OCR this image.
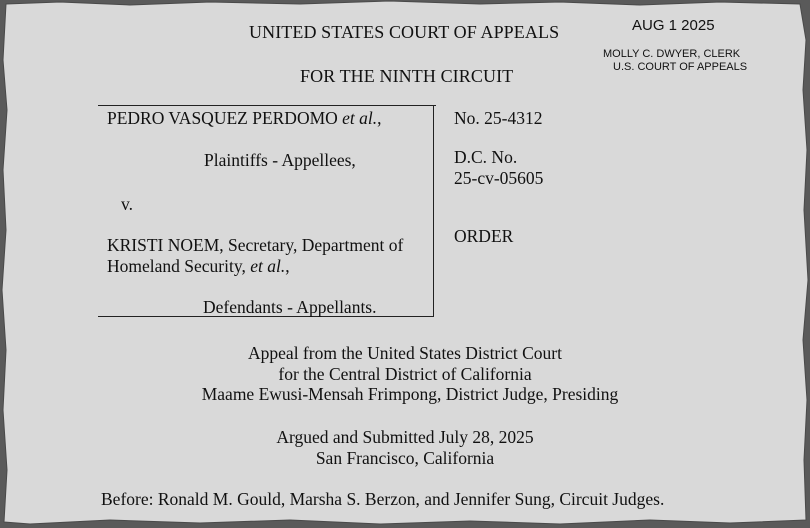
UNITED STATES COURT OF APPEALS
FOR THE NINTH CIRCUIT
AUG 1 2025
MOLLY C. DWYER, CLERK
U.S. COURT OF APPEALS
PEDRO VASQUEZ PERDOMO et al.,
Plaintiffs - Appellees,
v.
KRISTI NOEM, Secretary, Department of
Homeland Security, et al.,
Defendants - Appellants.
No. 25-4312
D.C. No.
25-cv-05605
ORDER
Appeal from the United States District Court
for the Central District of California
Maame Ewusi-Mensah Frimpong, District Judge, Presiding
Argued and Submitted July 28, 2025
San Francisco, California
Before: Ronald M. Gould, Marsha S. Berzon, and Jennifer Sung, Circuit Judges.
